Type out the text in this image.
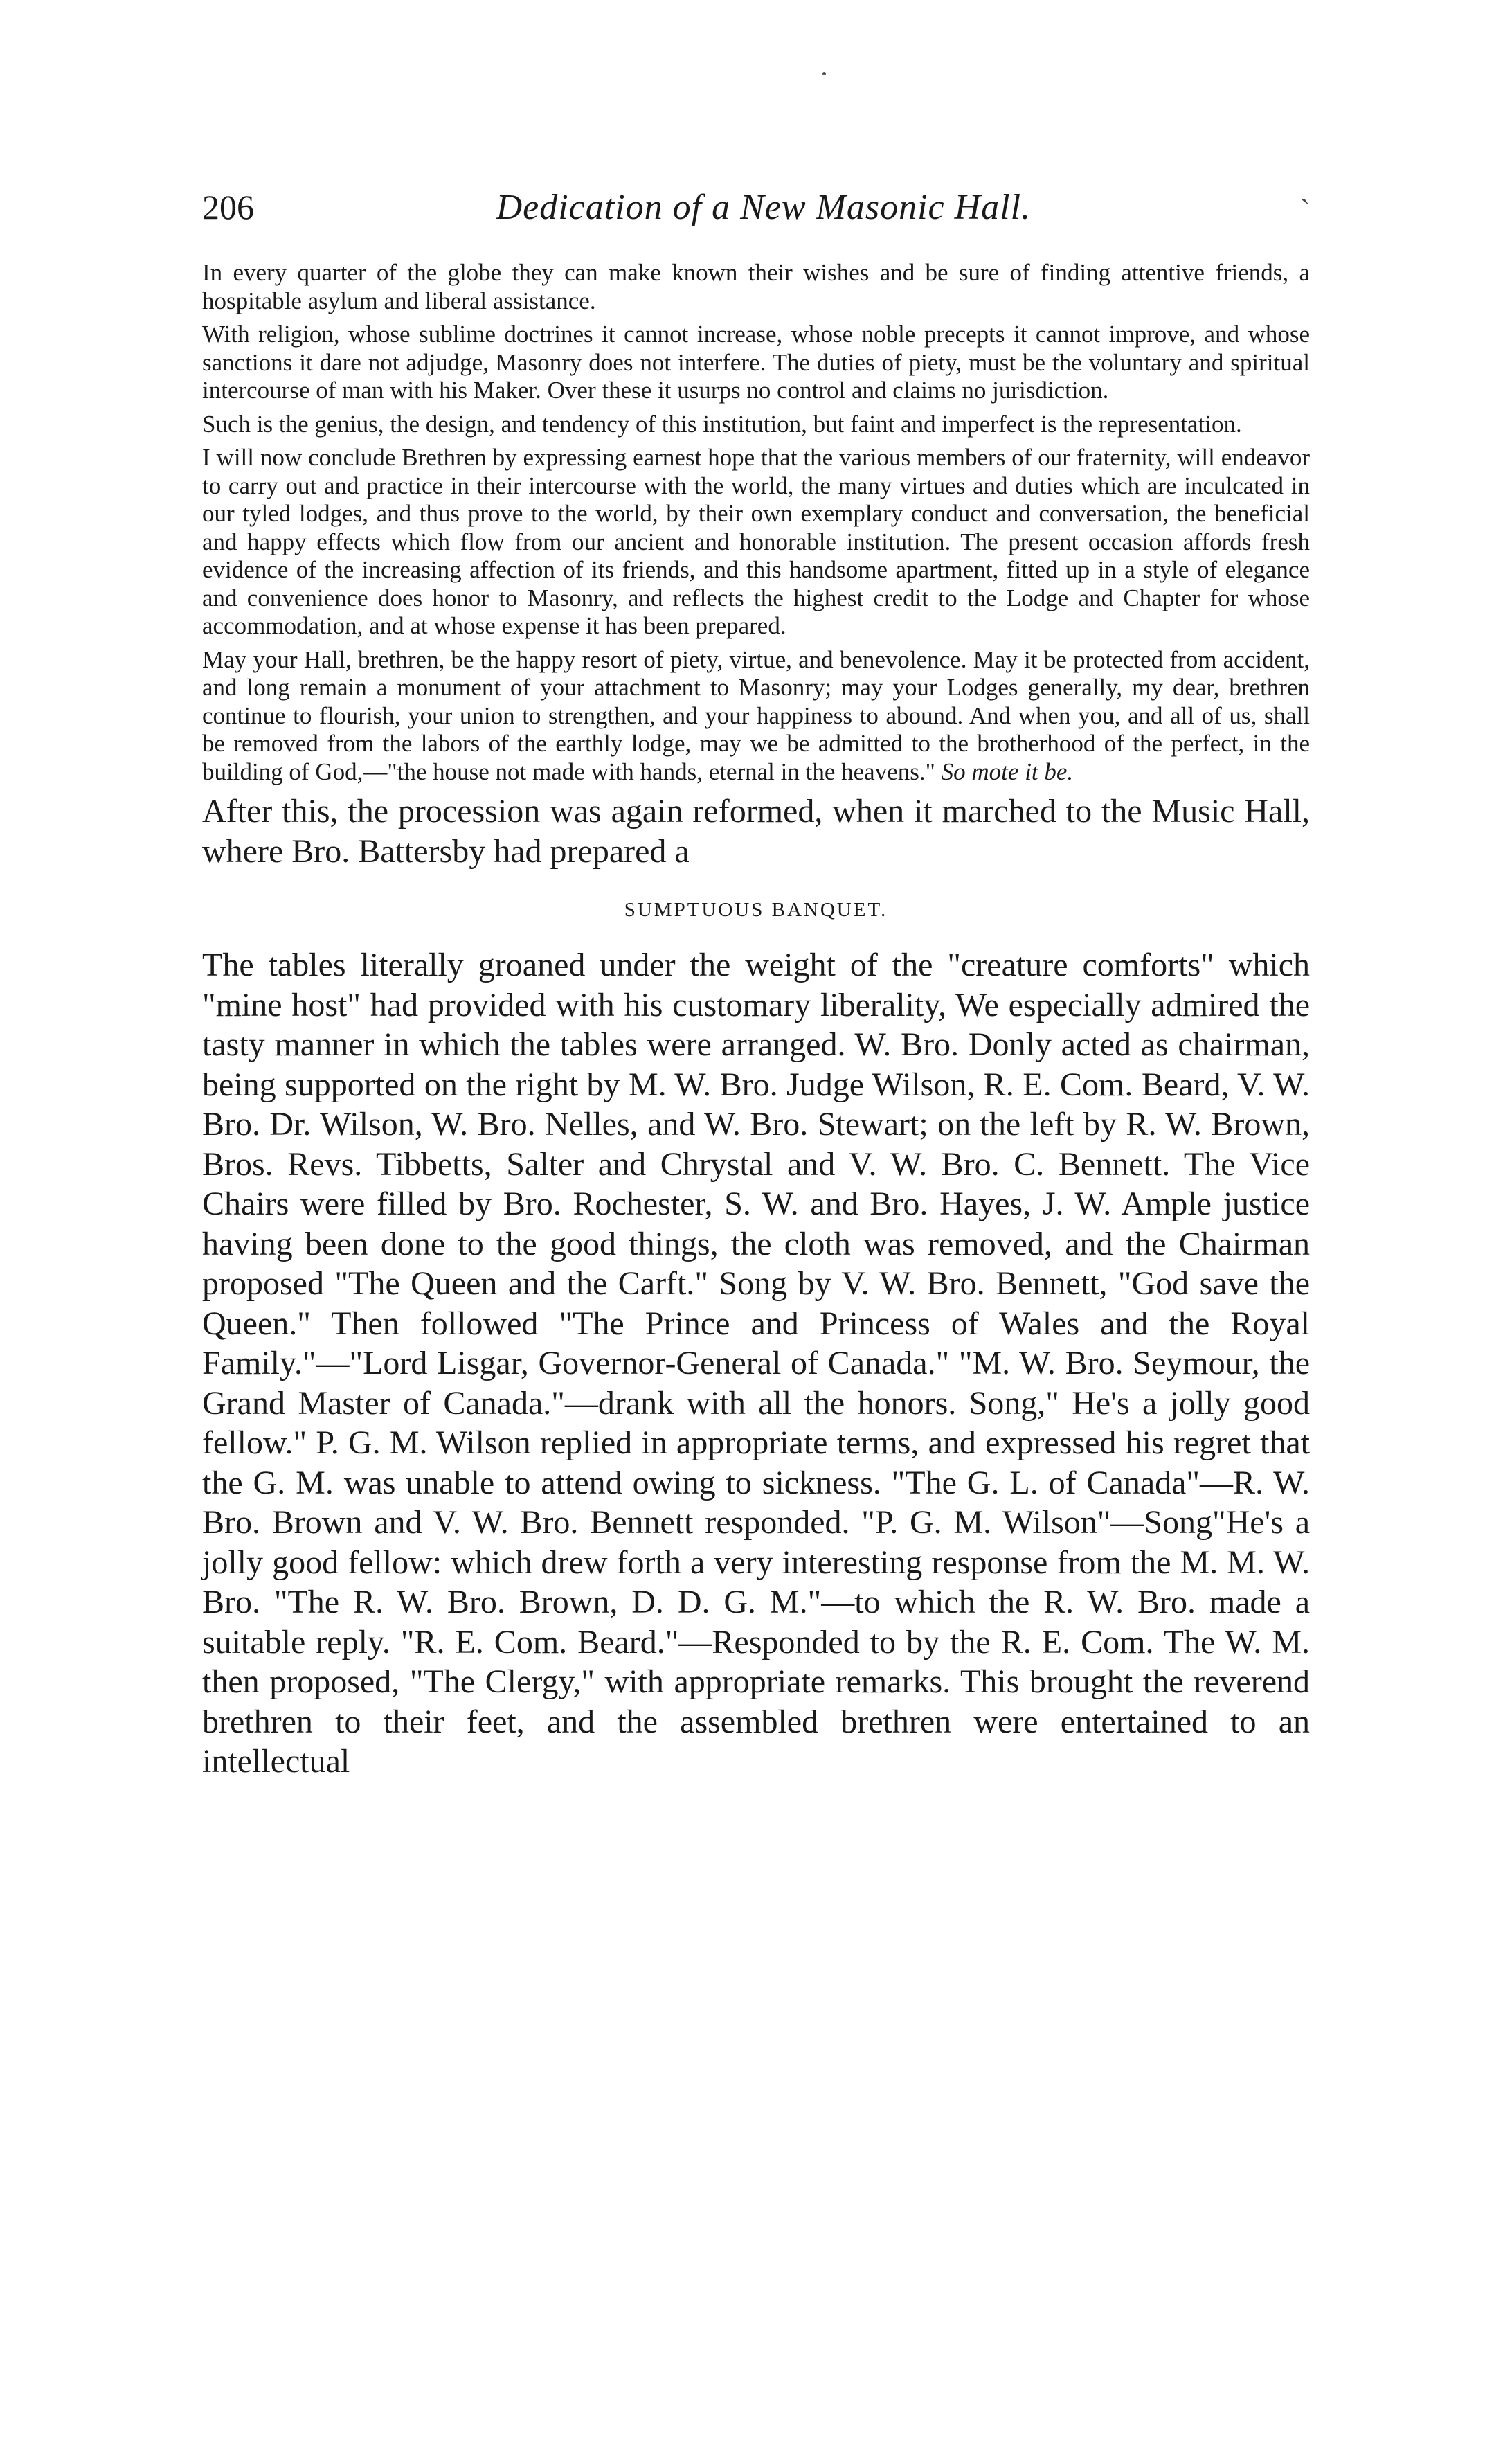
206	Dedication of a New Masonic Hall.	`

In every quarter of the globe they can make known their wishes and be sure of finding attentive friends, a hospitable asylum and liberal assistance.

With religion, whose sublime doctrines it cannot increase, whose noble precepts it cannot improve, and whose sanctions it dare not adjudge, Masonry does not interfere. The duties of piety, must be the voluntary and spiritual intercourse of man with his Maker. Over these it usurps no control and claims no jurisdiction.

Such is the genius, the design, and tendency of this institution, but faint and imperfect is the representation.

I will now conclude Brethren by expressing earnest hope that the various members of our fraternity, will endeavor to carry out and practice in their intercourse with the world, the many virtues and duties which are inculcated in our tyled lodges, and thus prove to the world, by their own exemplary conduct and conversation, the beneficial and happy effects which flow from our ancient and honorable institution. The present occasion affords fresh evidence of the increasing affection of its friends, and this handsome apartment, fitted up in a style of elegance and convenience does honor to Masonry, and reflects the highest credit to the Lodge and Chapter for whose accommodation, and at whose expense it has been prepared.

May your Hall, brethren, be the happy resort of piety, virtue, and benevolence. May it be protected from accident, and long remain a monument of your attachment to Masonry; may your Lodges generally, my dear, brethren continue to flourish, your union to strengthen, and your happiness to abound. And when you, and all of us, shall be removed from the labors of the earthly lodge, may we be admitted to the brotherhood of the perfect, in the building of God,—"the house not made with hands, eternal in the heavens." So mote it be.

After this, the procession was again reformed, when it marched to the Music Hall, where Bro. Battersby had prepared a

SUMPTUOUS BANQUET.

The tables literally groaned under the weight of the "creature comforts" which "mine host" had provided with his customary liberality, We especially admired the tasty manner in which the tables were arranged. W. Bro. Donly acted as chairman, being supported on the right by M. W. Bro. Judge Wilson, R. E. Com. Beard, V. W. Bro. Dr. Wilson, W. Bro. Nelles, and W. Bro. Stewart; on the left by R. W. Brown, Bros. Revs. Tibbetts, Salter and Chrystal and V. W. Bro. C. Bennett. The Vice Chairs were filled by Bro. Rochester, S. W. and Bro. Hayes, J. W. Ample justice having been done to the good things, the cloth was removed, and the Chairman proposed "The Queen and the Carft." Song by V. W. Bro. Bennett, "God save the Queen." Then followed "The Prince and Princess of Wales and the Royal Family."—"Lord Lisgar, Governor-General of Canada." "M. W. Bro. Seymour, the Grand Master of Canada."—drank with all the honors. Song," He's a jolly good fellow." P. G. M. Wilson replied in appropriate terms, and expressed his regret that the G. M. was unable to attend owing to sickness. "The G. L. of Canada"—R. W. Bro. Brown and V. W. Bro. Bennett responded. "P. G. M. Wilson"—Song"He's a jolly good fellow: which drew forth a very interesting response from the M. M. W. Bro. "The R. W. Bro. Brown, D. D. G. M."—to which the R. W. Bro. made a suitable reply. "R. E. Com. Beard."—Responded to by the R. E. Com. The W. M. then proposed, "The Clergy," with appropriate remarks. This brought the reverend brethren to their feet, and the assembled brethren were entertained to an intellectual
